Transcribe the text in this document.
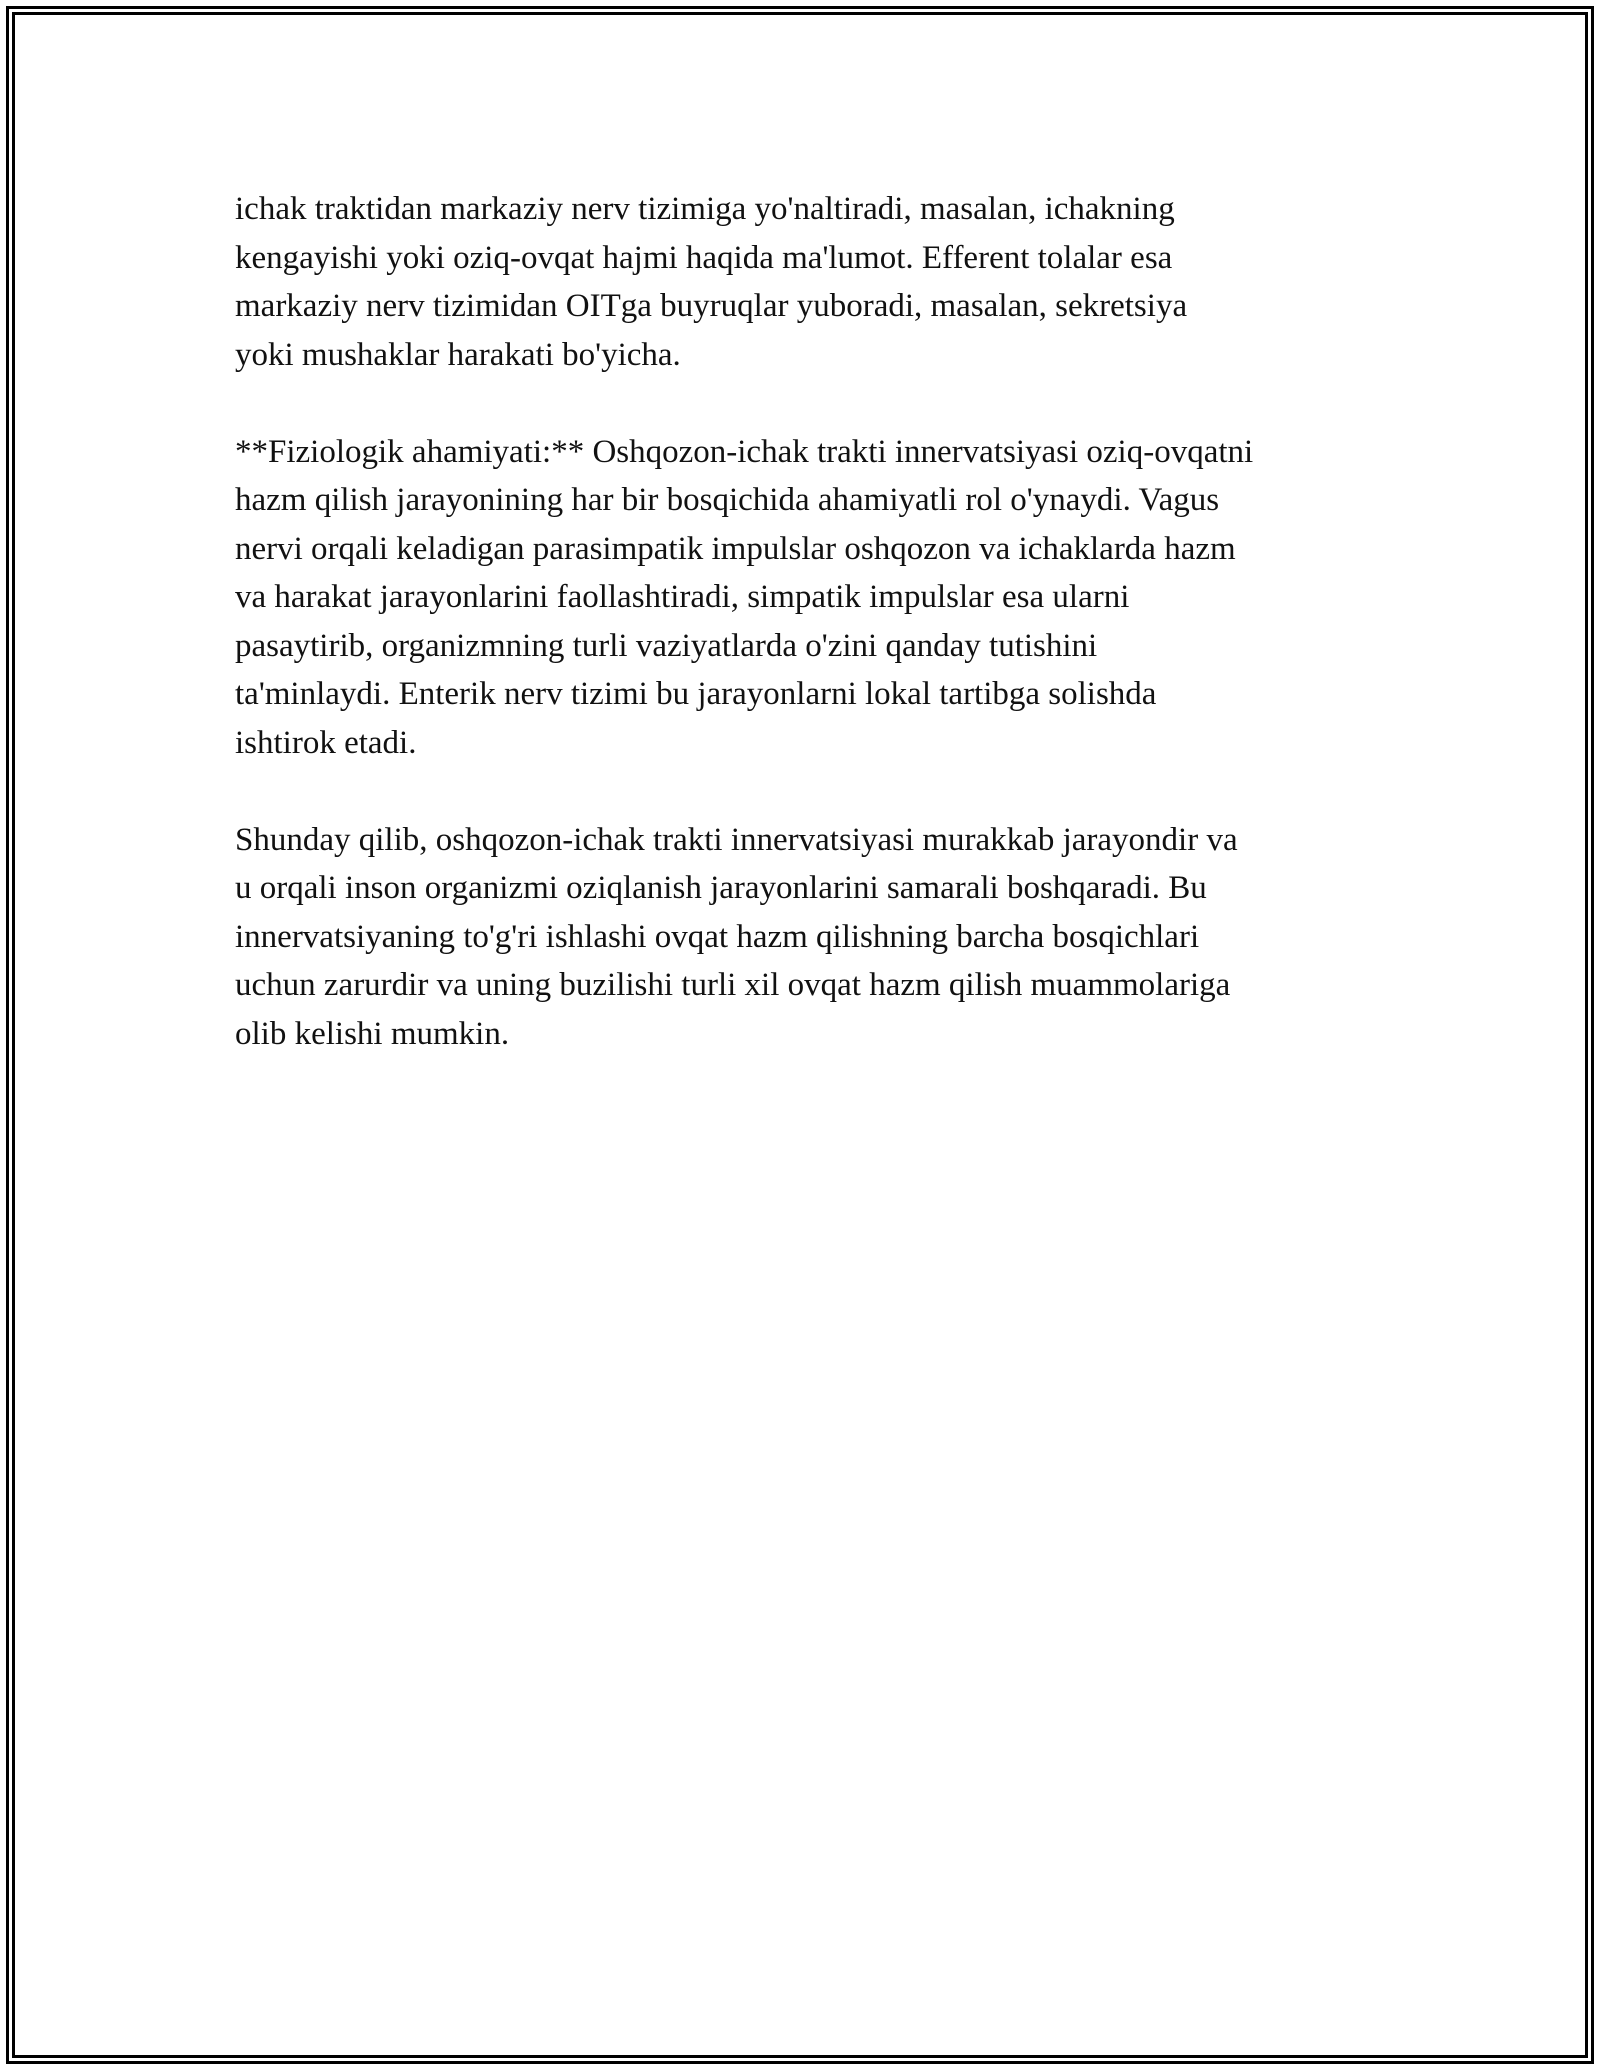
ichak traktidan markaziy nerv tizimiga yo'naltiradi, masalan, ichakning
kengayishi yoki oziq-ovqat hajmi haqida ma'lumot. Efferent tolalar esa
markaziy nerv tizimidan OITga buyruqlar yuboradi, masalan, sekretsiya
yoki mushaklar harakati bo'yicha.

**Fiziologik ahamiyati:** Oshqozon-ichak trakti innervatsiyasi oziq-ovqatni
hazm qilish jarayonining har bir bosqichida ahamiyatli rol o'ynaydi. Vagus
nervi orqali keladigan parasimpatik impulslar oshqozon va ichaklarda hazm
va harakat jarayonlarini faollashtiradi, simpatik impulslar esa ularni
pasaytirib, organizmning turli vaziyatlarda o'zini qanday tutishini
ta'minlaydi. Enterik nerv tizimi bu jarayonlarni lokal tartibga solishda
ishtirok etadi.

Shunday qilib, oshqozon-ichak trakti innervatsiyasi murakkab jarayondir va
u orqali inson organizmi oziqlanish jarayonlarini samarali boshqaradi. Bu
innervatsiyaning to'g'ri ishlashi ovqat hazm qilishning barcha bosqichlari
uchun zarurdir va uning buzilishi turli xil ovqat hazm qilish muammolariga
olib kelishi mumkin.
